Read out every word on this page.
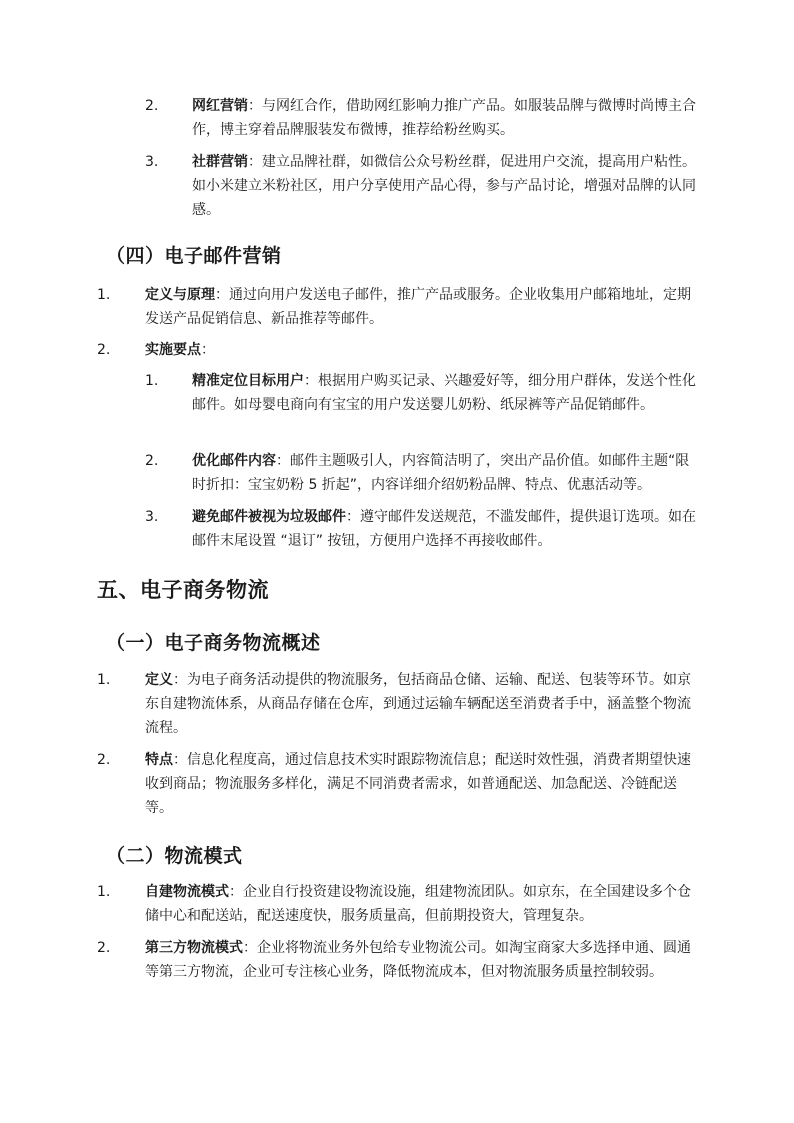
2.	网红营销：与网红合作，借助网红影响力推广产品。如服装品牌与微博时尚博主合作，博主穿着品牌服装发布微博，推荐给粉丝购买。
3.	社群营销：建立品牌社群，如微信公众号粉丝群，促进用户交流，提高用户粘性。如小米建立米粉社区，用户分享使用产品心得，参与产品讨论，增强对品牌的认同感。
（四）电子邮件营销
1.	定义与原理：通过向用户发送电子邮件，推广产品或服务。企业收集用户邮箱地址，定期发送产品促销信息、新品推荐等邮件。
2.	实施要点：
1.	精准定位目标用户：根据用户购买记录、兴趣爱好等，细分用户群体，发送个性化邮件。如母婴电商向有宝宝的用户发送婴儿奶粉、纸尿裤等产品促销邮件。
2.	优化邮件内容：邮件主题吸引人，内容简洁明了，突出产品价值。如邮件主题“限时折扣：宝宝奶粉 5 折起”，内容详细介绍奶粉品牌、特点、优惠活动等。
3.	避免邮件被视为垃圾邮件：遵守邮件发送规范，不滥发邮件，提供退订选项。如在邮件末尾设置 “退订” 按钮，方便用户选择不再接收邮件。
五、电子商务物流
（一）电子商务物流概述
1.	定义：为电子商务活动提供的物流服务，包括商品仓储、运输、配送、包装等环节。如京东自建物流体系，从商品存储在仓库，到通过运输车辆配送至消费者手中，涵盖整个物流流程。
2.	特点：信息化程度高，通过信息技术实时跟踪物流信息；配送时效性强，消费者期望快速收到商品；物流服务多样化，满足不同消费者需求，如普通配送、加急配送、冷链配送等。
（二）物流模式
1.	自建物流模式：企业自行投资建设物流设施，组建物流团队。如京东，在全国建设多个仓储中心和配送站，配送速度快，服务质量高，但前期投资大，管理复杂。
2.	第三方物流模式：企业将物流业务外包给专业物流公司。如淘宝商家大多选择申通、圆通等第三方物流，企业可专注核心业务，降低物流成本，但对物流服务质量控制较弱。
